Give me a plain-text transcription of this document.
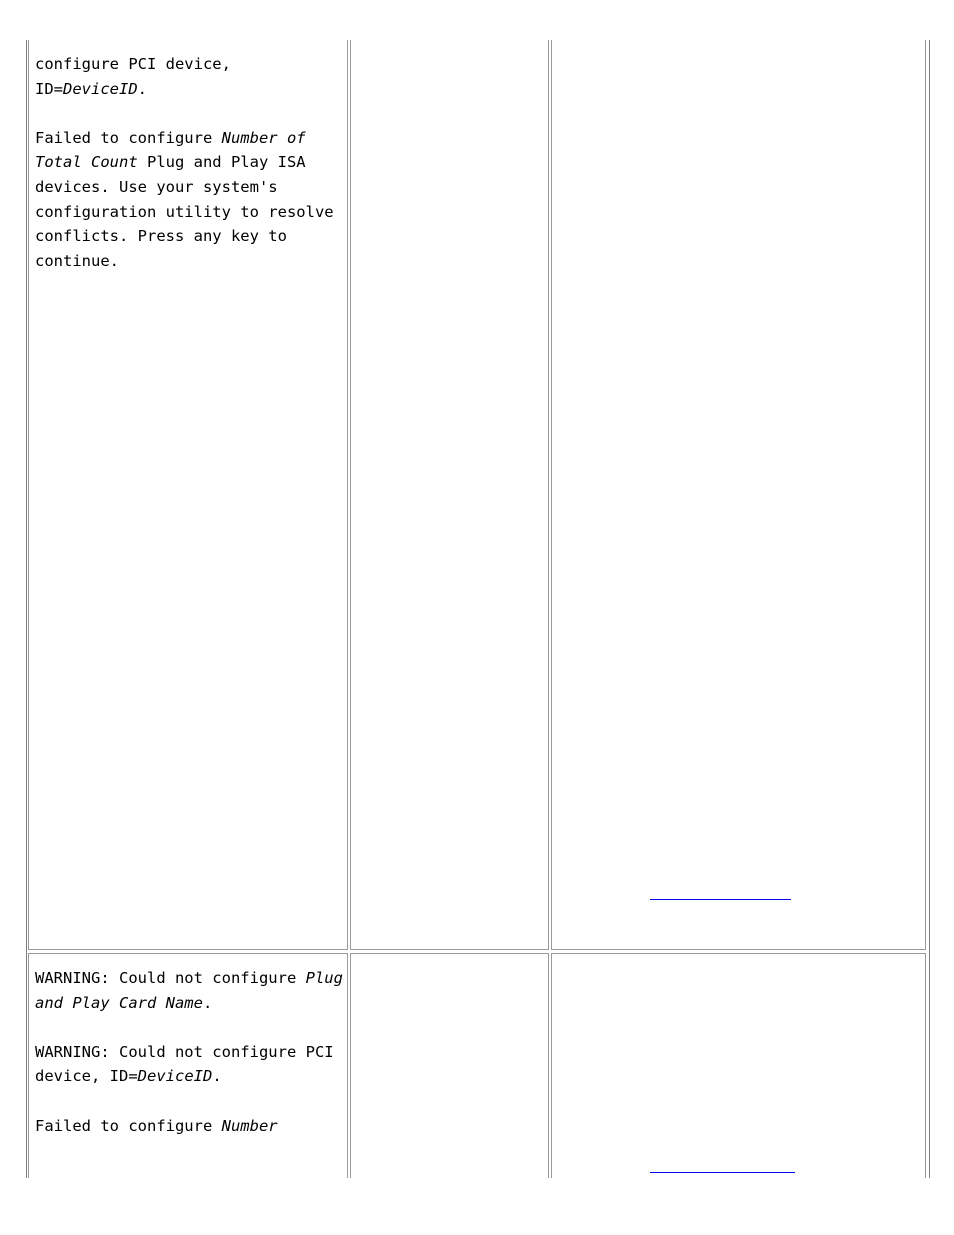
configure PCI device, ID=DeviceID.

Failed to configure Number of Total Count Plug and Play ISA devices. Use your system's configuration utility to resolve conflicts. Press any key to continue.

WARNING: Could not configure Plug and Play Card Name.

WARNING: Could not configure PCI device, ID=DeviceID.

Failed to configure Number
